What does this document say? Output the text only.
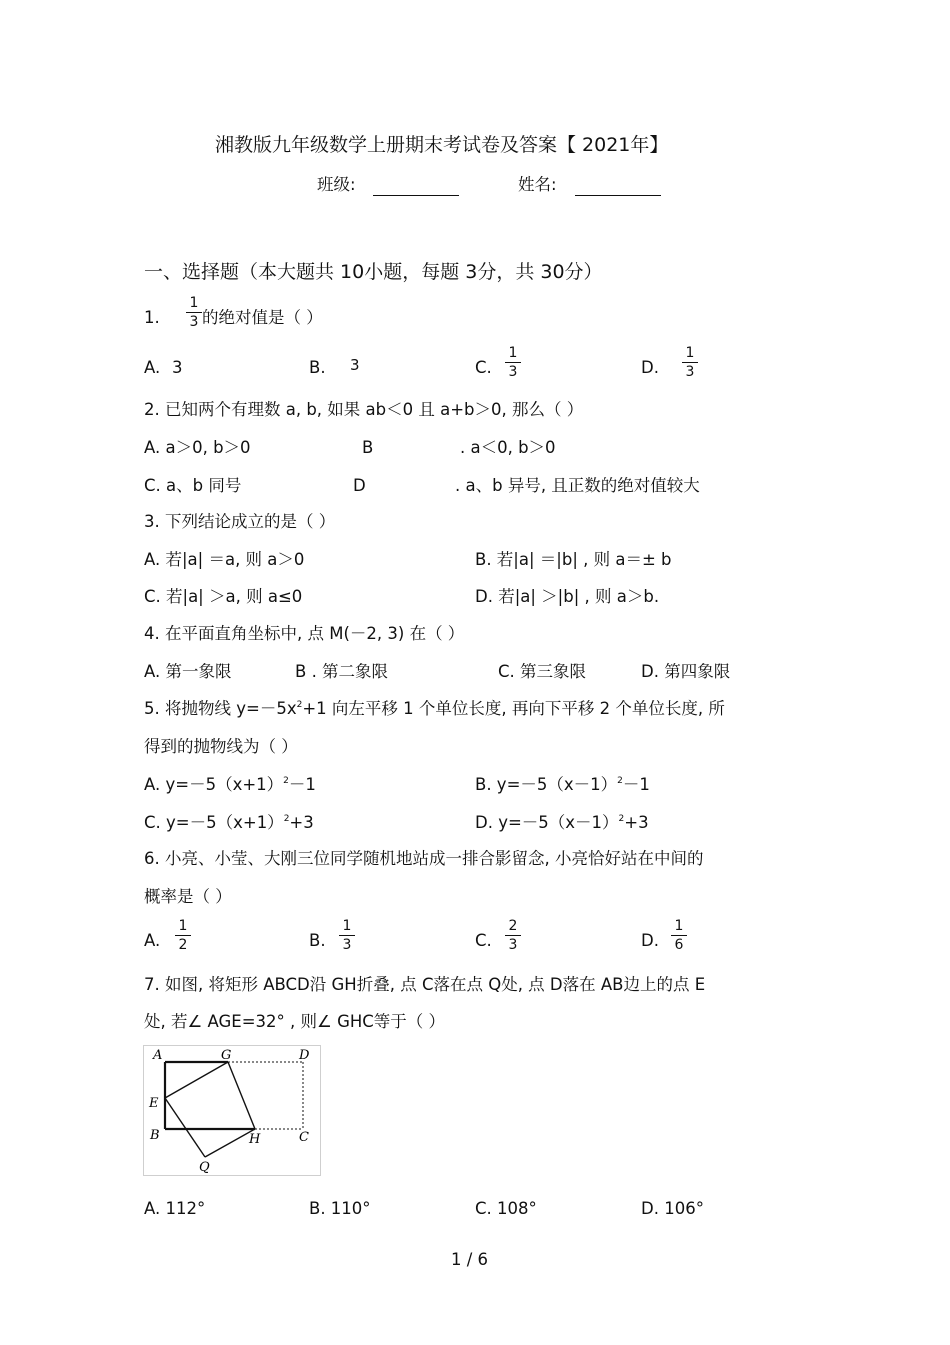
湘教版九年级数学上册期末考试卷及答案【 2021年】
班级:	姓名:
一、选择题（本大题共 10小题，每题 3分，共 30分）
1.
1
3 的绝对值是（ ）
A. 3	B. 3	C.
1
3	D.
1
3
2. 已知两个有理数 a, b, 如果 ab＜0 且 a+b＞0, 那么（ ）
A. a＞0, b＞0	B	. a＜0, b＞0
C. a、b 同号	D	. a、b 异号, 且正数的绝对值较大
3. 下列结论成立的是（ ）
A. 若|a| ＝a, 则 a＞0	B. 若|a| ＝|b| , 则 a＝± b
C. 若|a| ＞a, 则 a≤0	D. 若|a| ＞|b| , 则 a＞b.
4. 在平面直角坐标中, 点 M(－2, 3) 在（ ）
A. 第一象限	B . 第二象限	C. 第三象限	D. 第四象限
5. 将抛物线 $y=-5x^2+1$ 向左平移 1 个单位长度, 再向下平移 2 个单位长度, 所
得到的抛物线为（ ）
A. $y=-5(x+1)^2-1$	B. $y=-5(x-1)^2-1$
C. $y=-5(x+1)^2+3$	D. $y=-5(x-1)^2+3$
6. 小亮、小莹、大刚三位同学随机地站成一排合影留念, 小亮恰好站在中间的
概率是（ ）
A.
1
2	B.
1
3	C.
2
3	D.
1
6
7. 如图, 将矩形 ABCD沿 GH折叠, 点 C落在点 Q处, 点 D落在 AB边上的点 E
处, 若∠ AGE=32° , 则∠ GHC等于（ ）
A	G	D
E
B	H	C
Q
A. 112°	B. 110°	C. 108°	D. 106°
1 / 6
